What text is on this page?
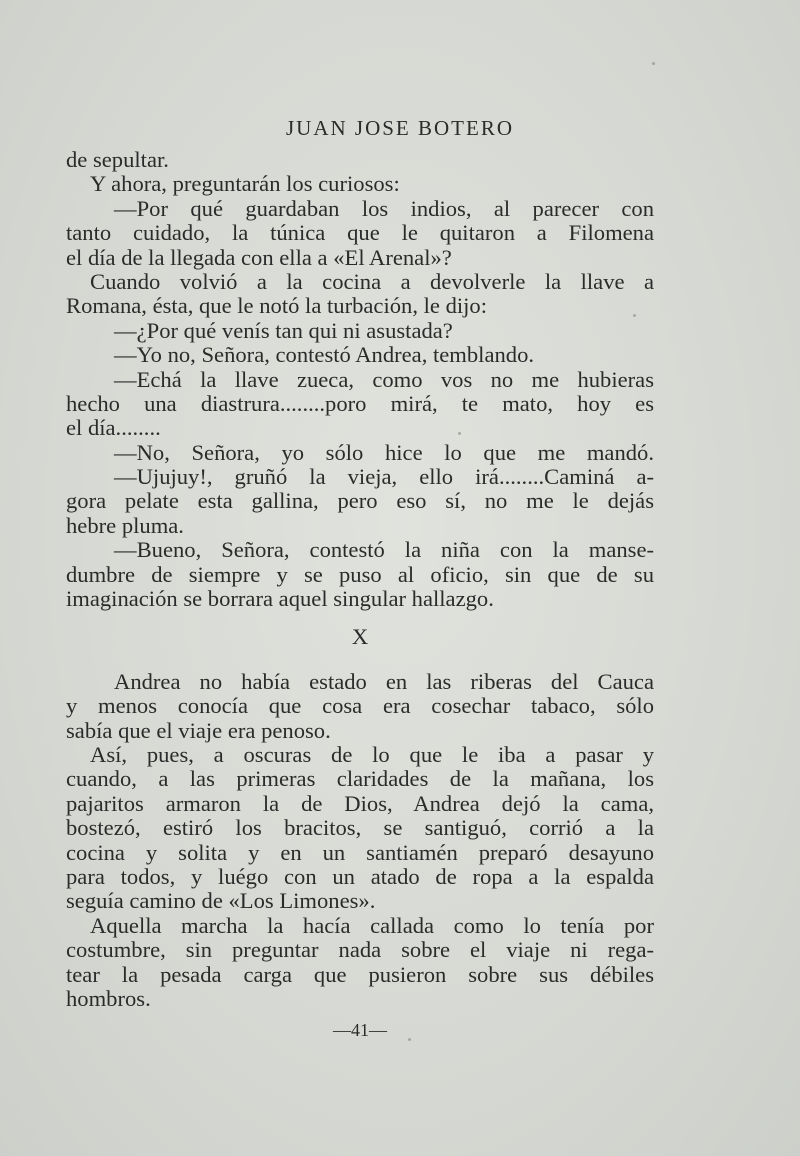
JUAN JOSE BOTERO
de sepultar.
Y ahora, preguntarán los curiosos:
—Por qué guardaban los indios, al parecer con
tanto cuidado, la túnica que le quitaron a Filomena
el día de la llegada con ella a «El Arenal»?
Cuando volvió a la cocina a devolverle la llave a
Romana, ésta, que le notó la turbación, le dijo:
—¿Por qué venís tan qui ni asustada?
—Yo no, Señora, contestó Andrea, temblando.
—Echá la llave zueca, como vos no me hubieras
hecho una diastrura........poro mirá, te mato, hoy es
el día........
—No, Señora, yo sólo hice lo que me mandó.
—Ujujuy!, gruñó la vieja, ello irá........Caminá a-
gora pelate esta gallina, pero eso sí, no me le dejás
hebre pluma.
—Bueno, Señora, contestó la niña con la manse-
dumbre de siempre y se puso al oficio, sin que de su
imaginación se borrara aquel singular hallazgo.
X
Andrea no había estado en las riberas del Cauca
y menos conocía que cosa era cosechar tabaco, sólo
sabía que el viaje era penoso.
Así, pues, a oscuras de lo que le iba a pasar y
cuando, a las primeras claridades de la mañana, los
pajaritos armaron la de Dios, Andrea dejó la cama,
bostezó, estiró los bracitos, se santiguó, corrió a la
cocina y solita y en un santiamén preparó desayuno
para todos, y luégo con un atado de ropa a la espalda
seguía camino de «Los Limones».
Aquella marcha la hacía callada como lo tenía por
costumbre, sin preguntar nada sobre el viaje ni rega-
tear la pesada carga que pusieron sobre sus débiles
hombros.
—41—
